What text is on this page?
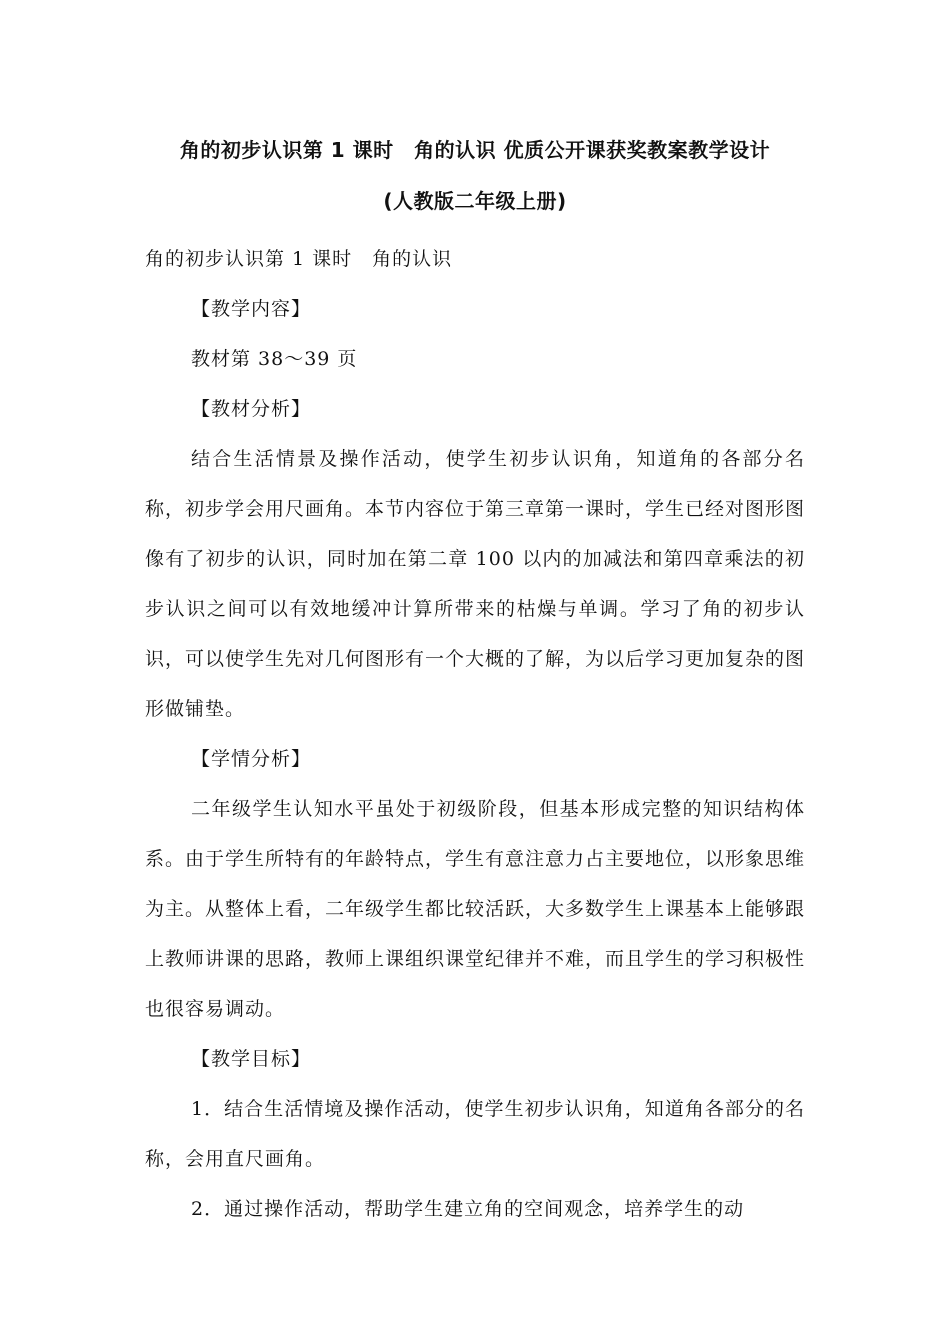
角的初步认识第 1 课时　角的认识 优质公开课获奖教案教学设计
(人教版二年级上册)

角的初步认识第 1 课时　角的认识

【教学内容】

教材第 38～39 页

【教材分析】

结合生活情景及操作活动，使学生初步认识角，知道角的各部分名称，初步学会用尺画角。本节内容位于第三章第一课时，学生已经对图形图像有了初步的认识，同时加在第二章 100 以内的加减法和第四章乘法的初步认识之间可以有效地缓冲计算所带来的枯燥与单调。学习了角的初步认识，可以使学生先对几何图形有一个大概的了解，为以后学习更加复杂的图形做铺垫。

【学情分析】

二年级学生认知水平虽处于初级阶段，但基本形成完整的知识结构体系。由于学生所特有的年龄特点，学生有意注意力占主要地位，以形象思维为主。从整体上看，二年级学生都比较活跃，大多数学生上课基本上能够跟上教师讲课的思路，教师上课组织课堂纪律并不难，而且学生的学习积极性也很容易调动。

【教学目标】

1．结合生活情境及操作活动，使学生初步认识角，知道角各部分的名称，会用直尺画角。

2．通过操作活动，帮助学生建立角的空间观念，培养学生的动
